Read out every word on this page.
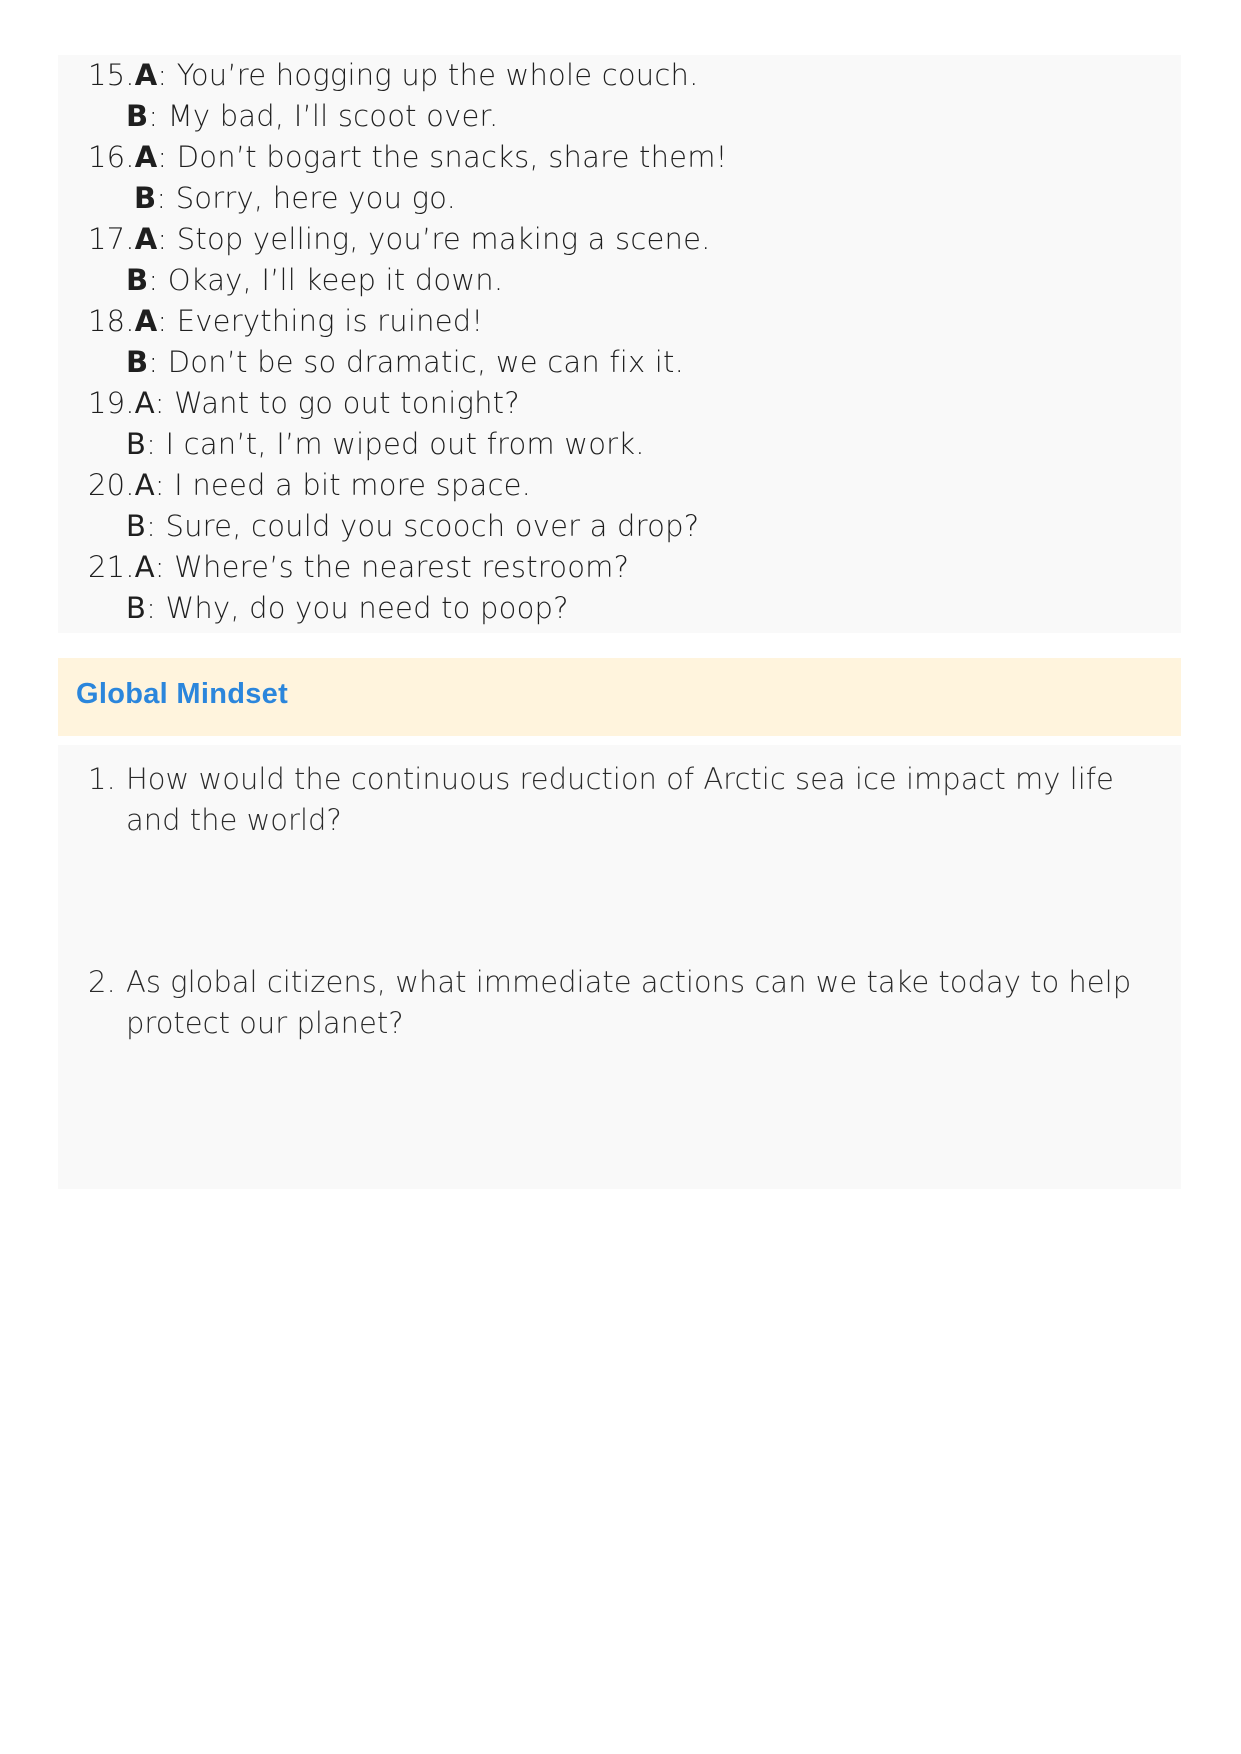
15.A: You’re hogging up the whole couch.
B: My bad, I’ll scoot over.
16.A: Don’t bogart the snacks, share them!
B: Sorry, here you go.
17.A: Stop yelling, you’re making a scene.
B: Okay, I’ll keep it down.
18.A: Everything is ruined!
B: Don’t be so dramatic, we can fix it.
19.A: Want to go out tonight?
B: I can’t, I’m wiped out from work.
20.A: I need a bit more space.
B: Sure, could you scooch over a drop?
21.A: Where’s the nearest restroom?
B: Why, do you need to poop?
Global Mindset
1. How would the continuous reduction of Arctic sea ice impact my life and the world?
2. As global citizens, what immediate actions can we take today to help protect our planet?
